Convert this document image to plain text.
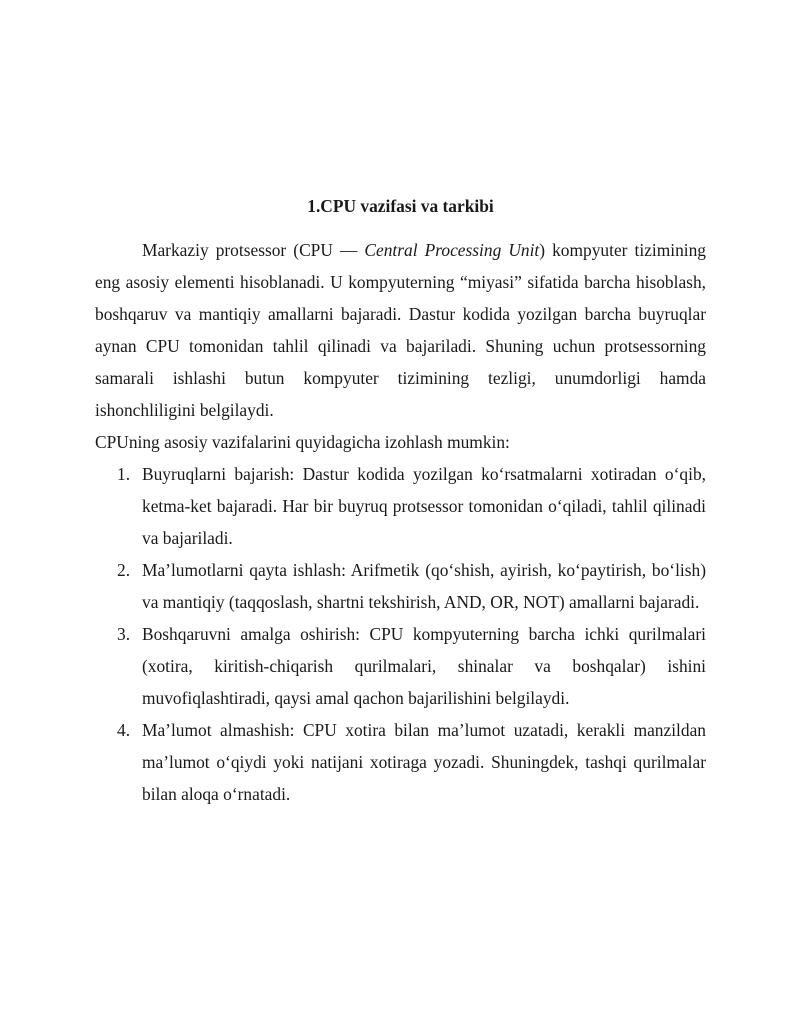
1.CPU vazifasi va tarkibi

Markaziy protsessor (CPU — Central Processing Unit) kompyuter tizimining eng asosiy elementi hisoblanadi. U kompyuterning “miyasi” sifatida barcha hisoblash, boshqaruv va mantiqiy amallarni bajaradi. Dastur kodida yozilgan barcha buyruqlar aynan CPU tomonidan tahlil qilinadi va bajariladi. Shuning uchun protsessorning samarali ishlashi butun kompyuter tizimining tezligi, unumdorligi hamda ishonchliligini belgilaydi.

CPUning asosiy vazifalarini quyidagicha izohlash mumkin:

1. Buyruqlarni bajarish: Dastur kodida yozilgan ko‘rsatmalarni xotiradan o‘qib, ketma-ket bajaradi. Har bir buyruq protsessor tomonidan o‘qiladi, tahlil qilinadi va bajariladi.
2. Ma’lumotlarni qayta ishlash: Arifmetik (qo‘shish, ayirish, ko‘paytirish, bo‘lish) va mantiqiy (taqqoslash, shartni tekshirish, AND, OR, NOT) amallarni bajaradi.
3. Boshqaruvni amalga oshirish: CPU kompyuterning barcha ichki qurilmalari (xotira, kiritish-chiqarish qurilmalari, shinalar va boshqalar) ishini muvofiqlashtiradi, qaysi amal qachon bajarilishini belgilaydi.
4. Ma’lumot almashish: CPU xotira bilan ma’lumot uzatadi, kerakli manzildan ma’lumot o‘qiydi yoki natijani xotiraga yozadi. Shuningdek, tashqi qurilmalar bilan aloqa o‘rnatadi.
